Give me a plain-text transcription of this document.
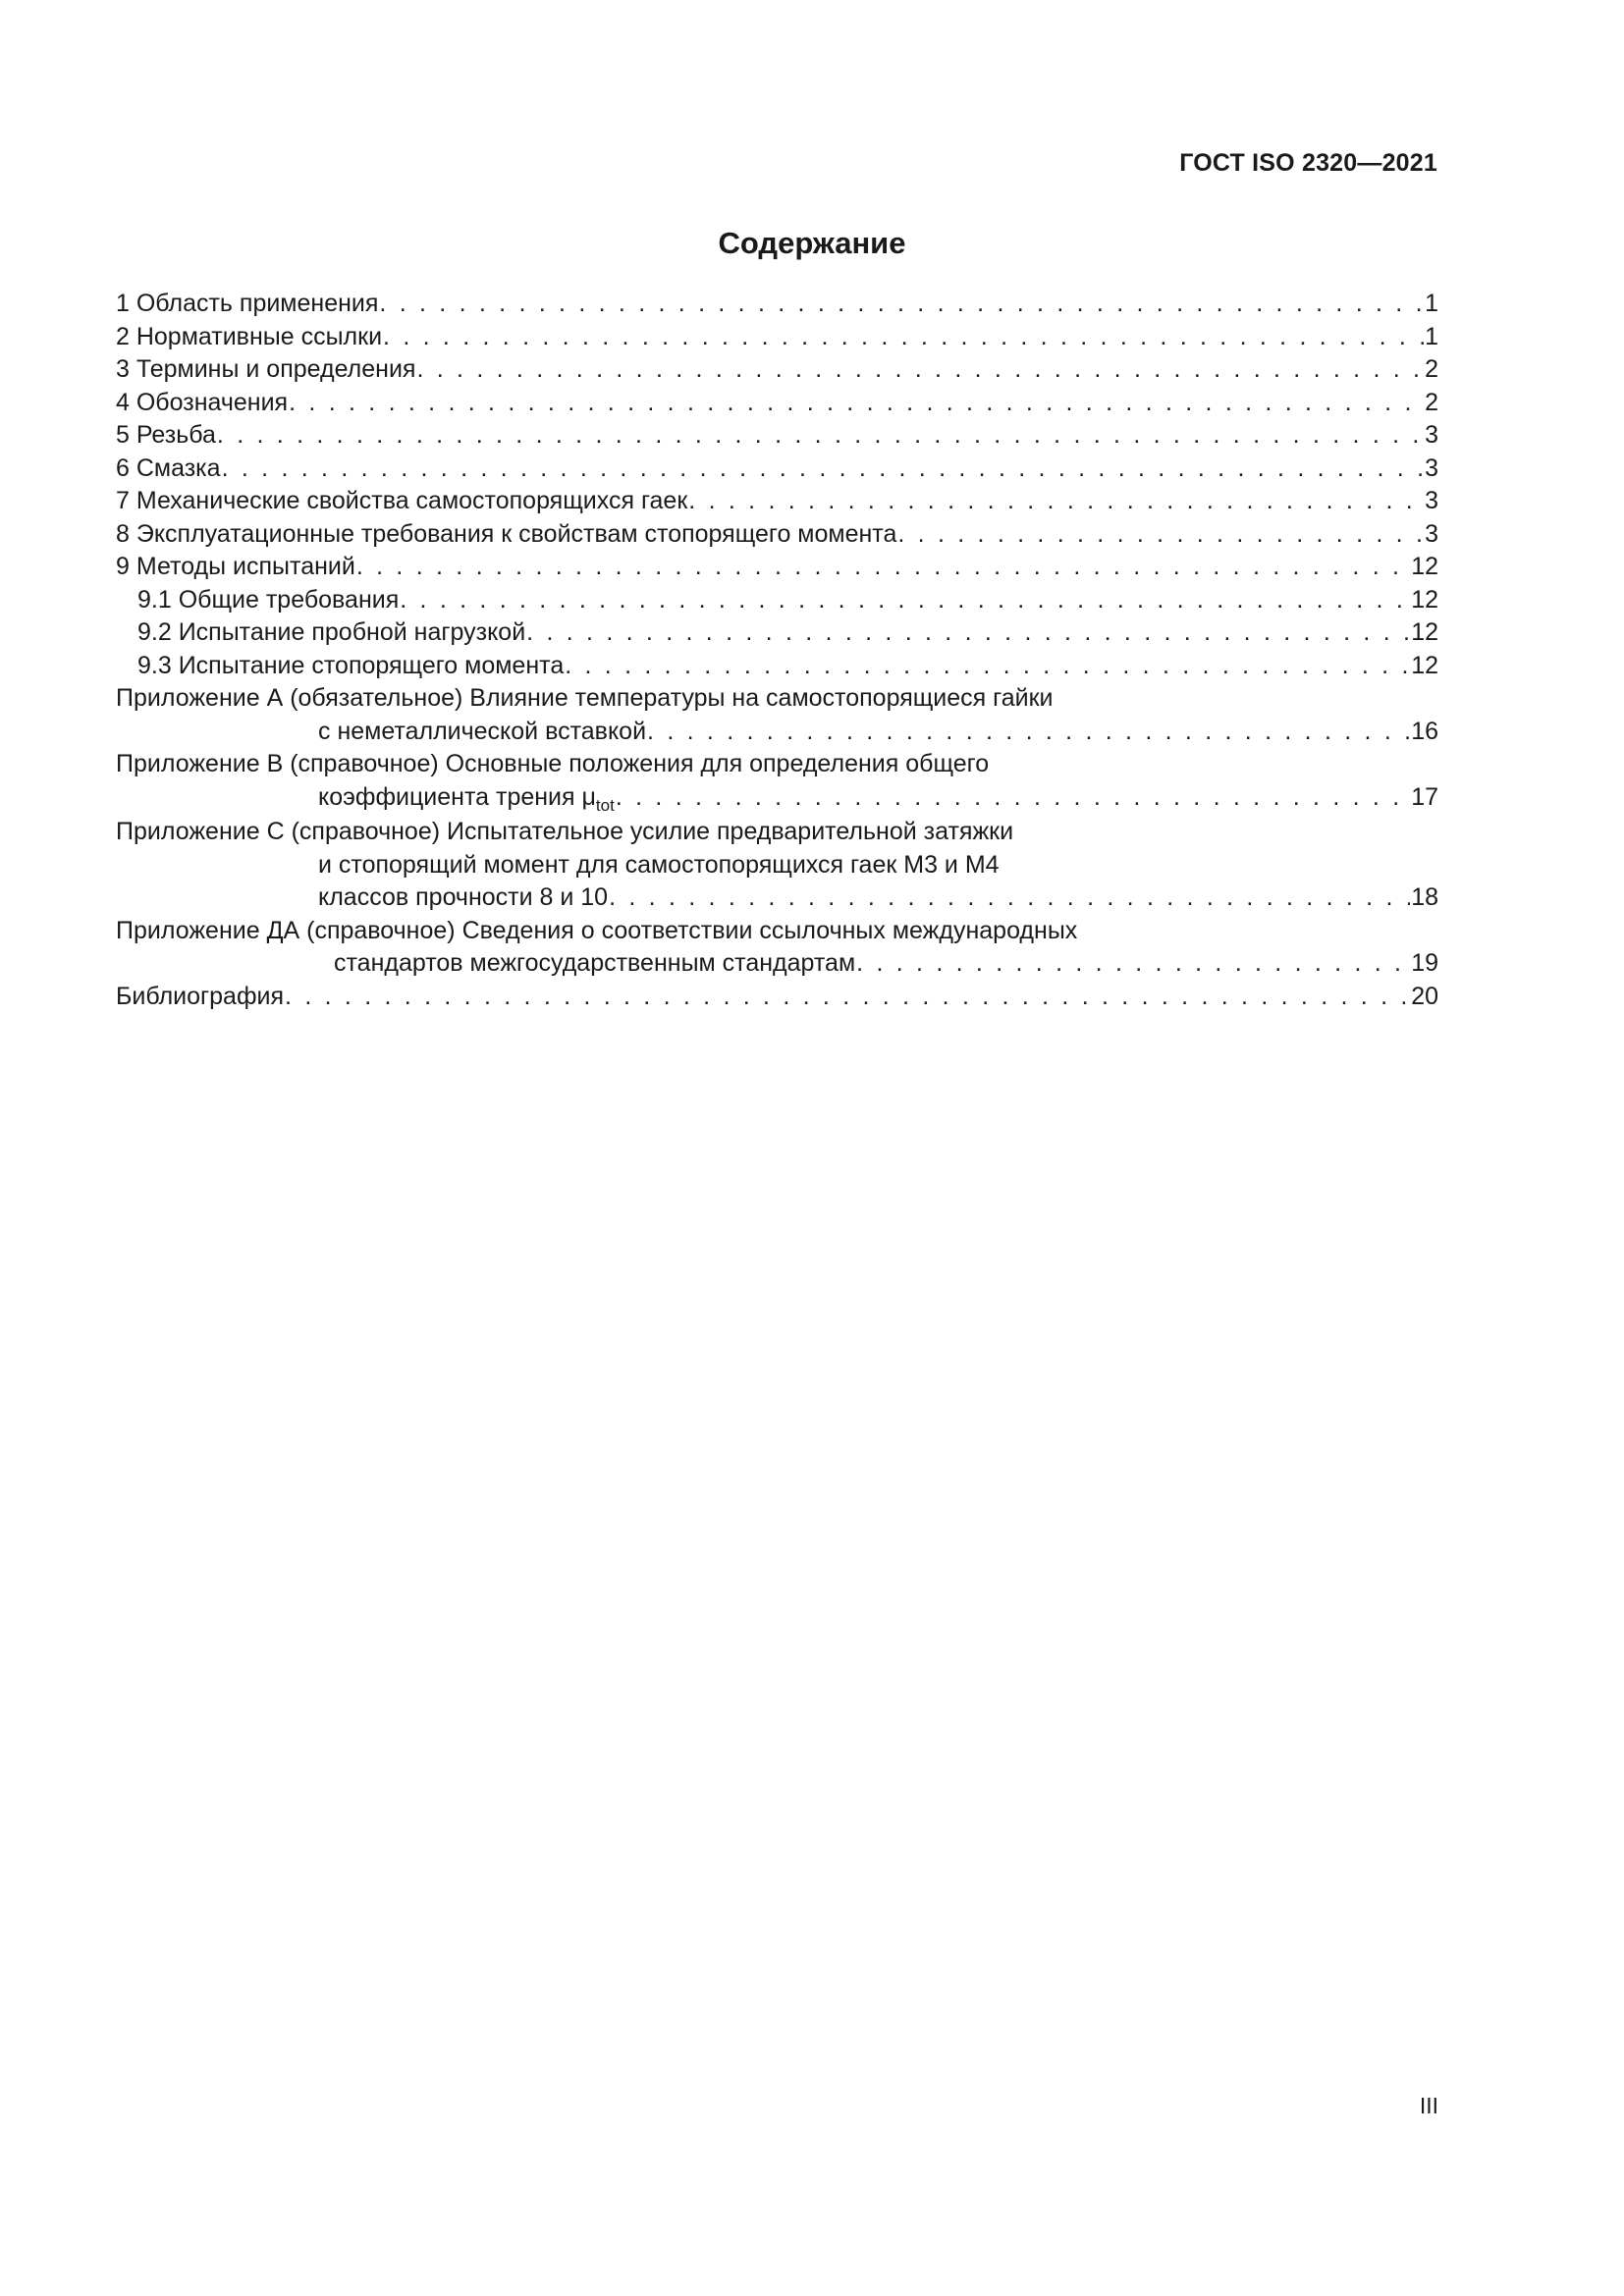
ГОСТ ISO 2320—2021
Содержание
1 Область применения . . .	1
2 Нормативные ссылки . . .	1
3 Термины и определения . . .	2
4 Обозначения . . .	2
5 Резьба . . .	3
6 Смазка . . .	3
7 Механические свойства самостопорящихся гаек . . .	3
8 Эксплуатационные требования к свойствам стопорящего момента . . .	3
9 Методы испытаний . . .	12
9.1 Общие требования . . .	12
9.2 Испытание пробной нагрузкой . . .	12
9.3 Испытание стопорящего момента . . .	12
Приложение А (обязательное) Влияние температуры на самостопорящиеся гайки
с неметаллической вставкой . . .	16
Приложение В (справочное) Основные положения для определения общего
коэффициента трения $\mu_{tot}$ . . .	17
Приложение С (справочное) Испытательное усилие предварительной затяжки
и стопорящий момент для самостопорящихся гаек М3 и М4
классов прочности 8 и 10 . . .	18
Приложение ДА (справочное) Сведения о соответствии ссылочных международных
стандартов межгосударственным стандартам . . .	19
Библиография . . .	20
III
